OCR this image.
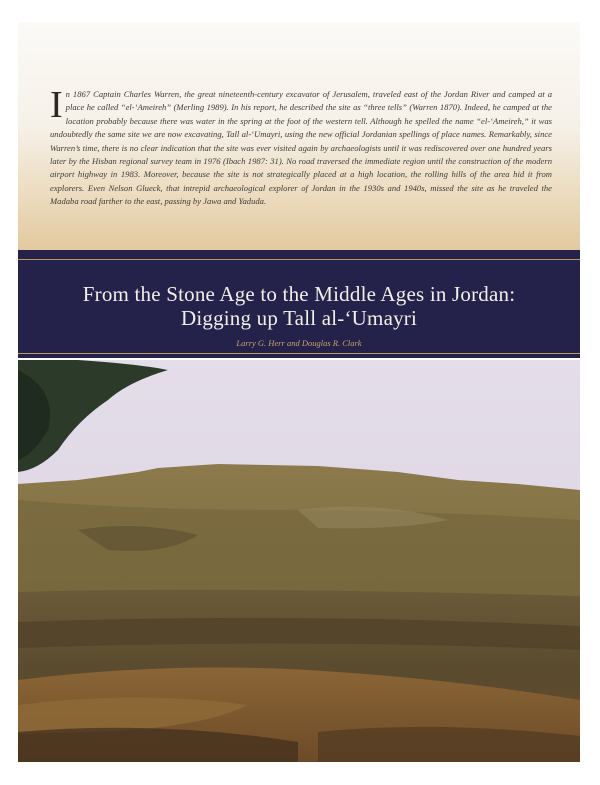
In 1867 Captain Charles Warren, the great nineteenth-century excavator of Jerusalem, traveled east of the Jordan River and camped at a place he called “el-‘Ameireh” (Merling 1989). In his report, he described the site as “three tells” (Warren 1870). Indeed, he camped at the location probably because there was water in the spring at the foot of the western tell. Although he spelled the name “el-‘Ameireh,” it was undoubtedly the same site we are now excavating, Tall al-‘Umayri, using the new official Jordanian spellings of place names. Remarkably, since Warren’s time, there is no clear indication that the site was ever visited again by archaeologists until it was rediscovered over one hundred years later by the Hisban regional survey team in 1976 (Ibach 1987: 31). No road traversed the immediate region until the construction of the modern airport highway in 1983. Moreover, because the site is not strategically placed at a high location, the rolling hills of the area hid it from explorers. Even Nelson Glueck, that intrepid archaeological explorer of Jordan in the 1930s and 1940s, missed the site as he traveled the Madaba road farther to the east, passing by Jawa and Yaduda.
From the Stone Age to the Middle Ages in Jordan:
Digging up Tall al-‘Umayri
Larry G. Herr and Douglas R. Clark
